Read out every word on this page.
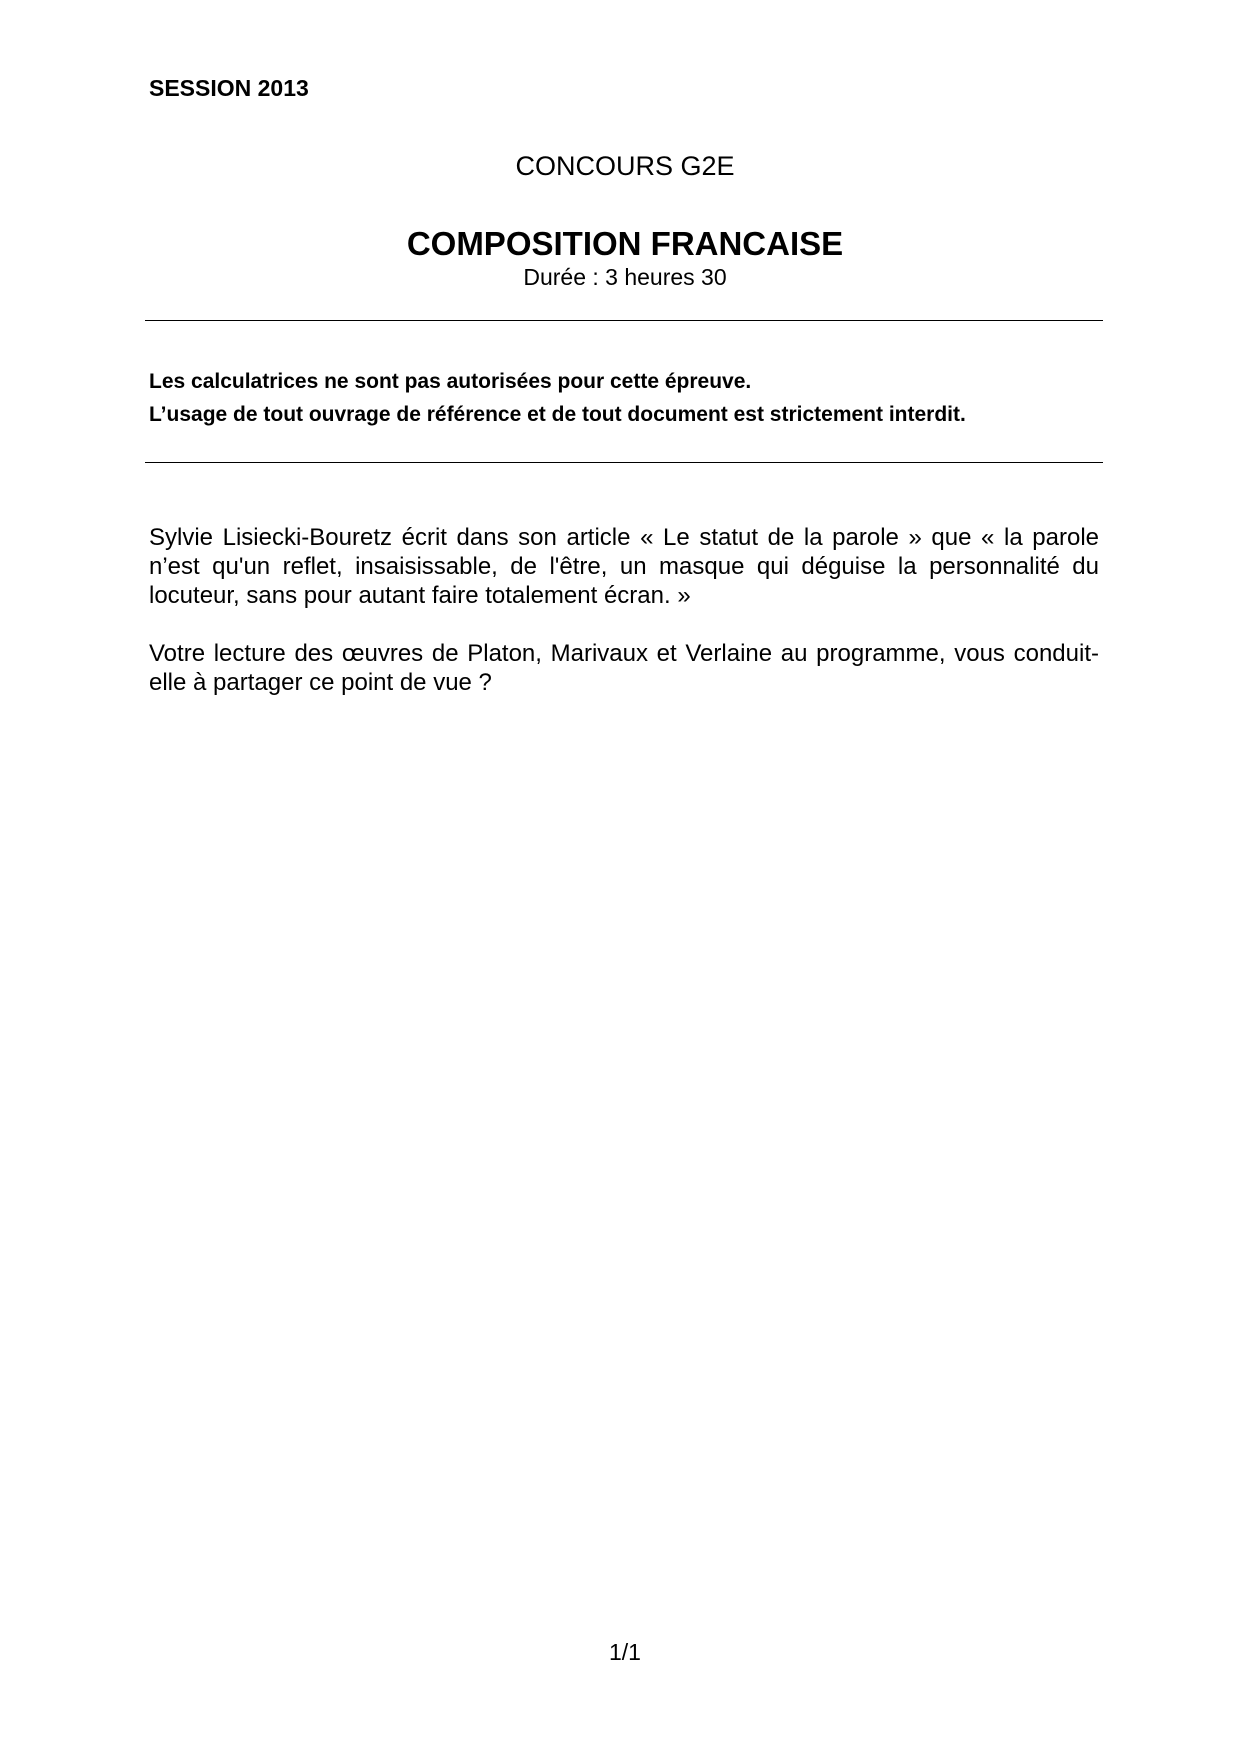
SESSION 2013
CONCOURS G2E
COMPOSITION FRANCAISE
Durée : 3 heures 30
Les calculatrices ne sont pas autorisées pour cette épreuve.
L’usage de tout ouvrage de référence et de tout document est strictement interdit.

Sylvie Lisiecki-Bouretz écrit dans son article « Le statut de la parole » que « la parole n’est qu'un reflet, insaisissable, de l'être, un masque qui déguise la personnalité du locuteur, sans pour autant faire totalement écran. »

Votre lecture des œuvres de Platon, Marivaux et Verlaine au programme, vous conduit-elle à partager ce point de vue ?

1/1
